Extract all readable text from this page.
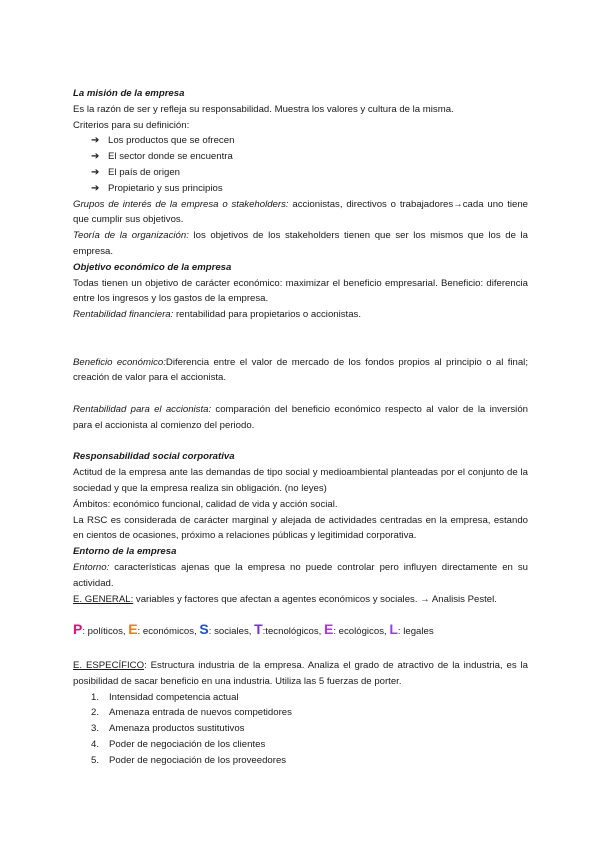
La misión de la empresa

Es la razón de ser y refleja su responsabilidad. Muestra los valores y cultura de la misma.

Criterios para su definición:

➔ Los productos que se ofrecen
➔ El sector donde se encuentra
➔ El país de origen
➔ Propietario y sus principios

Grupos de interés de la empresa o stakeholders: accionistas, directivos o trabajadores→cada uno tiene que cumplir sus objetivos.

Teoría de la organización: los objetivos de los stakeholders tienen que ser los mismos que los de la empresa.

Objetivo económico de la empresa

Todas tienen un objetivo de carácter económico: maximizar el beneficio empresarial. Beneficio: diferencia entre los ingresos y los gastos de la empresa.

Rentabilidad financiera: rentabilidad para propietarios o accionistas.

Beneficio económico:Diferencia entre el valor de mercado de los fondos propios al principio o al final; creación de valor para el accionista.

Rentabilidad para el accionista: comparación del beneficio económico respecto al valor de la inversión para el accionista al comienzo del periodo.

Responsabilidad social corporativa

Actitud de la empresa ante las demandas de tipo social y medioambiental planteadas por el conjunto de la sociedad y que la empresa realiza sin obligación. (no leyes)

Ámbitos: económico funcional, calidad de vida y acción social.

La RSC es considerada de carácter marginal y alejada de actividades centradas en la empresa, estando en cientos de ocasiones, próximo a relaciones públicas y legitimidad corporativa.

Entorno de la empresa

Entorno: características ajenas que la empresa no puede controlar pero influyen directamente en su actividad.

E. GENERAL: variables y factores que afectan a agentes económicos y sociales. → Analisis Pestel.

P: políticos, E: económicos, S: sociales, T:tecnológicos, E: ecológicos, L: legales

E. ESPECÍFICO: Estructura industria de la empresa. Analiza el grado de atractivo de la industria, es la posibilidad de sacar beneficio en una industria. Utiliza las 5 fuerzas de porter.

1. Intensidad competencia actual
2. Amenaza entrada de nuevos competidores
3. Amenaza productos sustitutivos
4. Poder de negociación de los clientes
5. Poder de negociación de los proveedores
